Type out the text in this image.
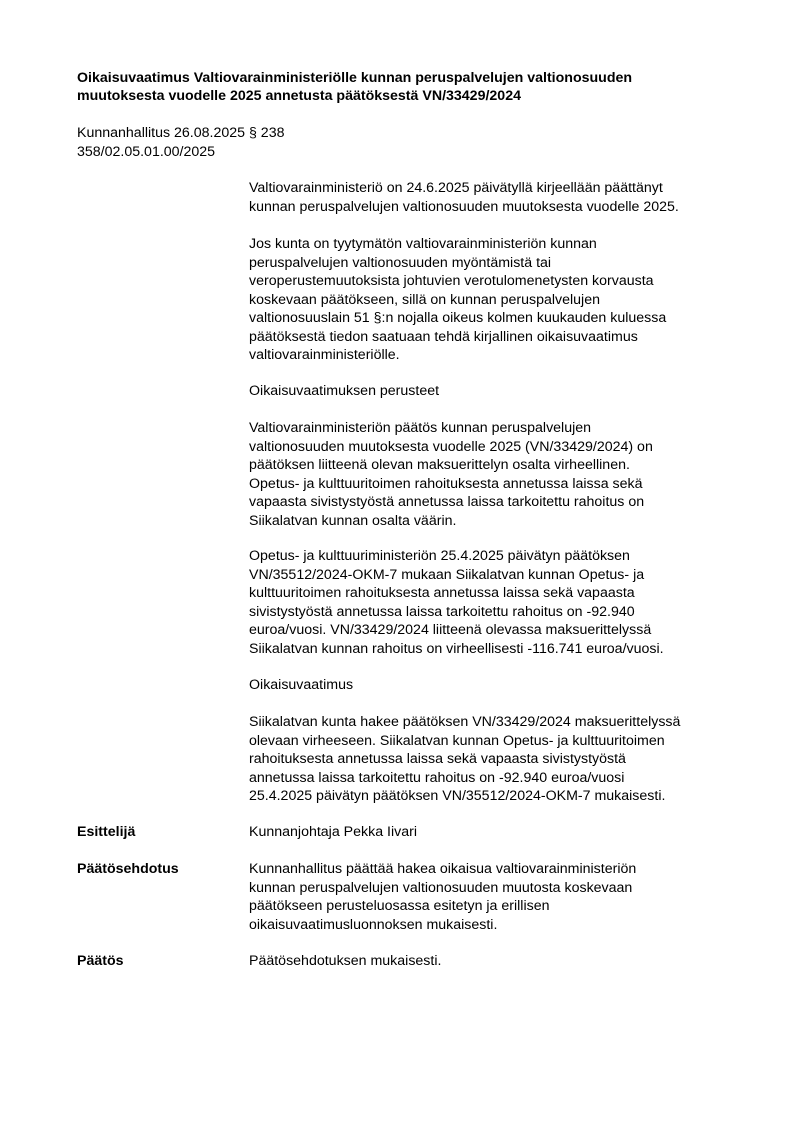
Oikaisuvaatimus Valtiovarainministeriölle kunnan peruspalvelujen valtionosuuden
muutoksesta vuodelle 2025 annetusta päätöksestä VN/33429/2024
Kunnanhallitus 26.08.2025 § 238
358/02.05.01.00/2025
Valtiovarainministeriö on 24.6.2025 päivätyllä kirjeellään päättänyt
kunnan peruspalvelujen valtionosuuden muutoksesta vuodelle 2025.
Jos kunta on tyytymätön valtiovarainministeriön kunnan
peruspalvelujen valtionosuuden myöntämistä tai
veroperustemuutoksista johtuvien verotulomenetysten korvausta
koskevaan päätökseen, sillä on kunnan peruspalvelujen
valtionosuuslain 51 §:n nojalla oikeus kolmen kuukauden kuluessa
päätöksestä tiedon saatuaan tehdä kirjallinen oikaisuvaatimus
valtiovarainministeriölle.
Oikaisuvaatimuksen perusteet
Valtiovarainministeriön päätös kunnan peruspalvelujen
valtionosuuden muutoksesta vuodelle 2025 (VN/33429/2024) on
päätöksen liitteenä olevan maksuerittelyn osalta virheellinen.
Opetus- ja kulttuuritoimen rahoituksesta annetussa laissa sekä
vapaasta sivistystyöstä annetussa laissa tarkoitettu rahoitus on
Siikalatvan kunnan osalta väärin.
Opetus- ja kulttuuriministeriön 25.4.2025 päivätyn päätöksen
VN/35512/2024-OKM-7 mukaan Siikalatvan kunnan Opetus- ja
kulttuuritoimen rahoituksesta annetussa laissa sekä vapaasta
sivistystyöstä annetussa laissa tarkoitettu rahoitus on -92.940
euroa/vuosi. VN/33429/2024 liitteenä olevassa maksuerittelyssä
Siikalatvan kunnan rahoitus on virheellisesti -116.741 euroa/vuosi.
Oikaisuvaatimus
Siikalatvan kunta hakee päätöksen VN/33429/2024 maksuerittelyssä
olevaan virheeseen. Siikalatvan kunnan Opetus- ja kulttuuritoimen
rahoituksesta annetussa laissa sekä vapaasta sivistystyöstä
annetussa laissa tarkoitettu rahoitus on -92.940 euroa/vuosi
25.4.2025 päivätyn päätöksen VN/35512/2024-OKM-7 mukaisesti.
Esittelijä	Kunnanjohtaja Pekka Iivari
Päätösehdotus	Kunnanhallitus päättää hakea oikaisua valtiovarainministeriön
kunnan peruspalvelujen valtionosuuden muutosta koskevaan
päätökseen perusteluosassa esitetyn ja erillisen
oikaisuvaatimusluonnoksen mukaisesti.
Päätös	Päätösehdotuksen mukaisesti.
